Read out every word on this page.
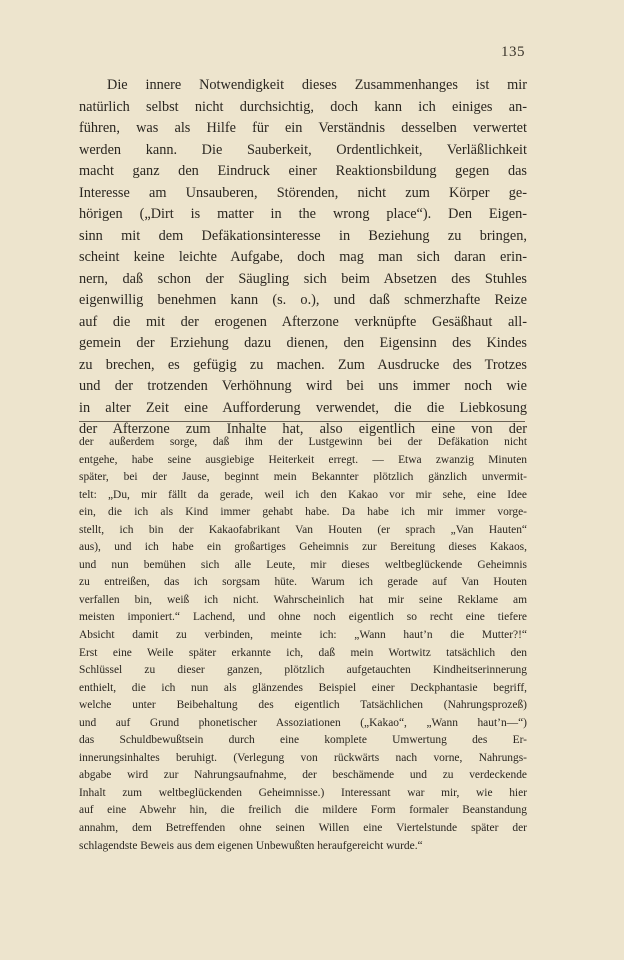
135
Die innere Notwendigkeit dieses Zusammenhanges ist mir
natürlich selbst nicht durchsichtig, doch kann ich einiges an-
führen, was als Hilfe für ein Verständnis desselben verwertet
werden kann. Die Sauberkeit, Ordentlichkeit, Verläßlichkeit
macht ganz den Eindruck einer Reaktionsbildung gegen das
Interesse am Unsauberen, Störenden, nicht zum Körper ge-
hörigen („Dirt is matter in the wrong place“). Den Eigen-
sinn mit dem Defäkationsinteresse in Beziehung zu bringen,
scheint keine leichte Aufgabe, doch mag man sich daran erin-
nern, daß schon der Säugling sich beim Absetzen des Stuhles
eigenwillig benehmen kann (s. o.), und daß schmerzhafte Reize
auf die mit der erogenen Afterzone verknüpfte Gesäßhaut all-
gemein der Erziehung dazu dienen, den Eigensinn des Kindes
zu brechen, es gefügig zu machen. Zum Ausdrucke des Trotzes
und der trotzenden Verhöhnung wird bei uns immer noch wie
in alter Zeit eine Aufforderung verwendet, die die Liebkosung
der Afterzone zum Inhalte hat, also eigentlich eine von der
der außerdem sorge, daß ihm der Lustgewinn bei der Defäkation nicht
entgehe, habe seine ausgiebige Heiterkeit erregt. — Etwa zwanzig Minuten
später, bei der Jause, beginnt mein Bekannter plötzlich gänzlich unvermit-
telt: „Du, mir fällt da gerade, weil ich den Kakao vor mir sehe, eine Idee
ein, die ich als Kind immer gehabt habe. Da habe ich mir immer vorge-
stellt, ich bin der Kakaofabrikant Van Houten (er sprach „Van Hauten“
aus), und ich habe ein großartiges Geheimnis zur Bereitung dieses Kakaos,
und nun bemühen sich alle Leute, mir dieses weltbeglückende Geheimnis
zu entreißen, das ich sorgsam hüte. Warum ich gerade auf Van Houten
verfallen bin, weiß ich nicht. Wahrscheinlich hat mir seine Reklame am
meisten imponiert.“ Lachend, und ohne noch eigentlich so recht eine tiefere
Absicht damit zu verbinden, meinte ich: „Wann haut’n die Mutter?!“
Erst eine Weile später erkannte ich, daß mein Wortwitz tatsächlich den
Schlüssel zu dieser ganzen, plötzlich aufgetauchten Kindheitserinnerung
enthielt, die ich nun als glänzendes Beispiel einer Deckphantasie begriff,
welche unter Beibehaltung des eigentlich Tatsächlichen (Nahrungsprozeß)
und auf Grund phonetischer Assoziationen („Kakao“, „Wann haut’n—“)
das Schuldbewußtsein durch eine komplete Umwertung des Er-
innerungsinhaltes beruhigt. (Verlegung von rückwärts nach vorne, Nahrungs-
abgabe wird zur Nahrungsaufnahme, der beschämende und zu verdeckende
Inhalt zum weltbeglückenden Geheimnisse.) Interessant war mir, wie hier
auf eine Abwehr hin, die freilich die mildere Form formaler Beanstandung
annahm, dem Betreffenden ohne seinen Willen eine Viertelstunde später der
schlagendste Beweis aus dem eigenen Unbewußten heraufgereicht wurde.“
